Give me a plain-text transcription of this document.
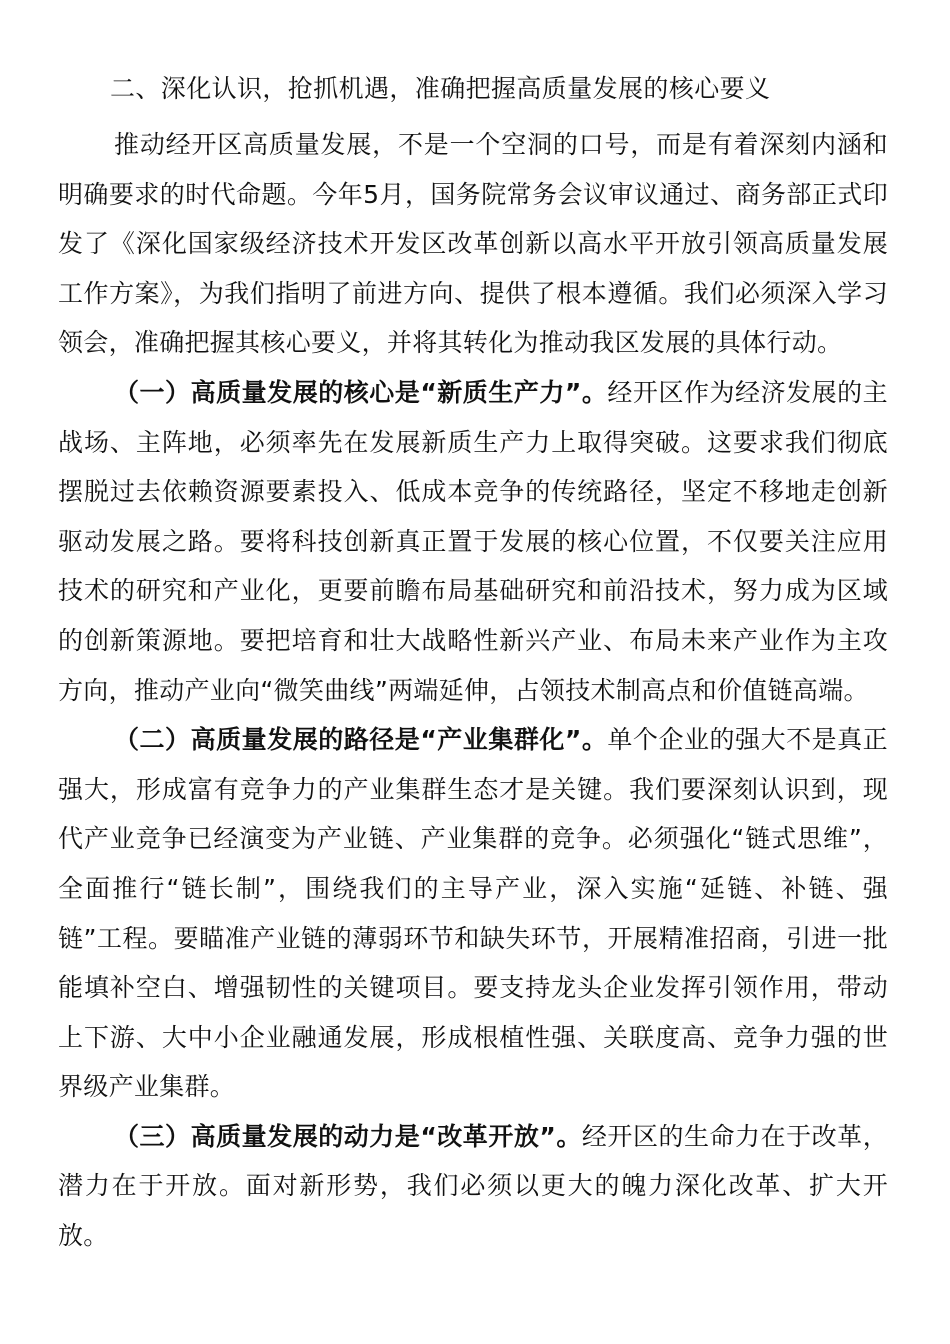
二、深化认识，抢抓机遇，准确把握高质量发展的核心要义

推动经开区高质量发展，不是一个空洞的口号，而是有着深刻内涵和明确要求的时代命题。今年5月，国务院常务会议审议通过、商务部正式印发了《深化国家级经济技术开发区改革创新以高水平开放引领高质量发展工作方案》，为我们指明了前进方向、提供了根本遵循。我们必须深入学习领会，准确把握其核心要义，并将其转化为推动我区发展的具体行动。

（一）高质量发展的核心是“新质生产力”。经开区作为经济发展的主战场、主阵地，必须率先在发展新质生产力上取得突破。这要求我们彻底摆脱过去依赖资源要素投入、低成本竞争的传统路径，坚定不移地走创新驱动发展之路。要将科技创新真正置于发展的核心位置，不仅要关注应用技术的研究和产业化，更要前瞻布局基础研究和前沿技术，努力成为区域的创新策源地。要把培育和壮大战略性新兴产业、布局未来产业作为主攻方向，推动产业向“微笑曲线”两端延伸，占领技术制高点和价值链高端。

（二）高质量发展的路径是“产业集群化”。单个企业的强大不是真正强大，形成富有竞争力的产业集群生态才是关键。我们要深刻认识到，现代产业竞争已经演变为产业链、产业集群的竞争。必须强化“链式思维”，全面推行“链长制”，围绕我们的主导产业，深入实施“延链、补链、强链”工程。要瞄准产业链的薄弱环节和缺失环节，开展精准招商，引进一批能填补空白、增强韧性的关键项目。要支持龙头企业发挥引领作用，带动上下游、大中小企业融通发展，形成根植性强、关联度高、竞争力强的世界级产业集群。

（三）高质量发展的动力是“改革开放”。经开区的生命力在于改革，潜力在于开放。面对新形势，我们必须以更大的魄力深化改革、扩大开放。
